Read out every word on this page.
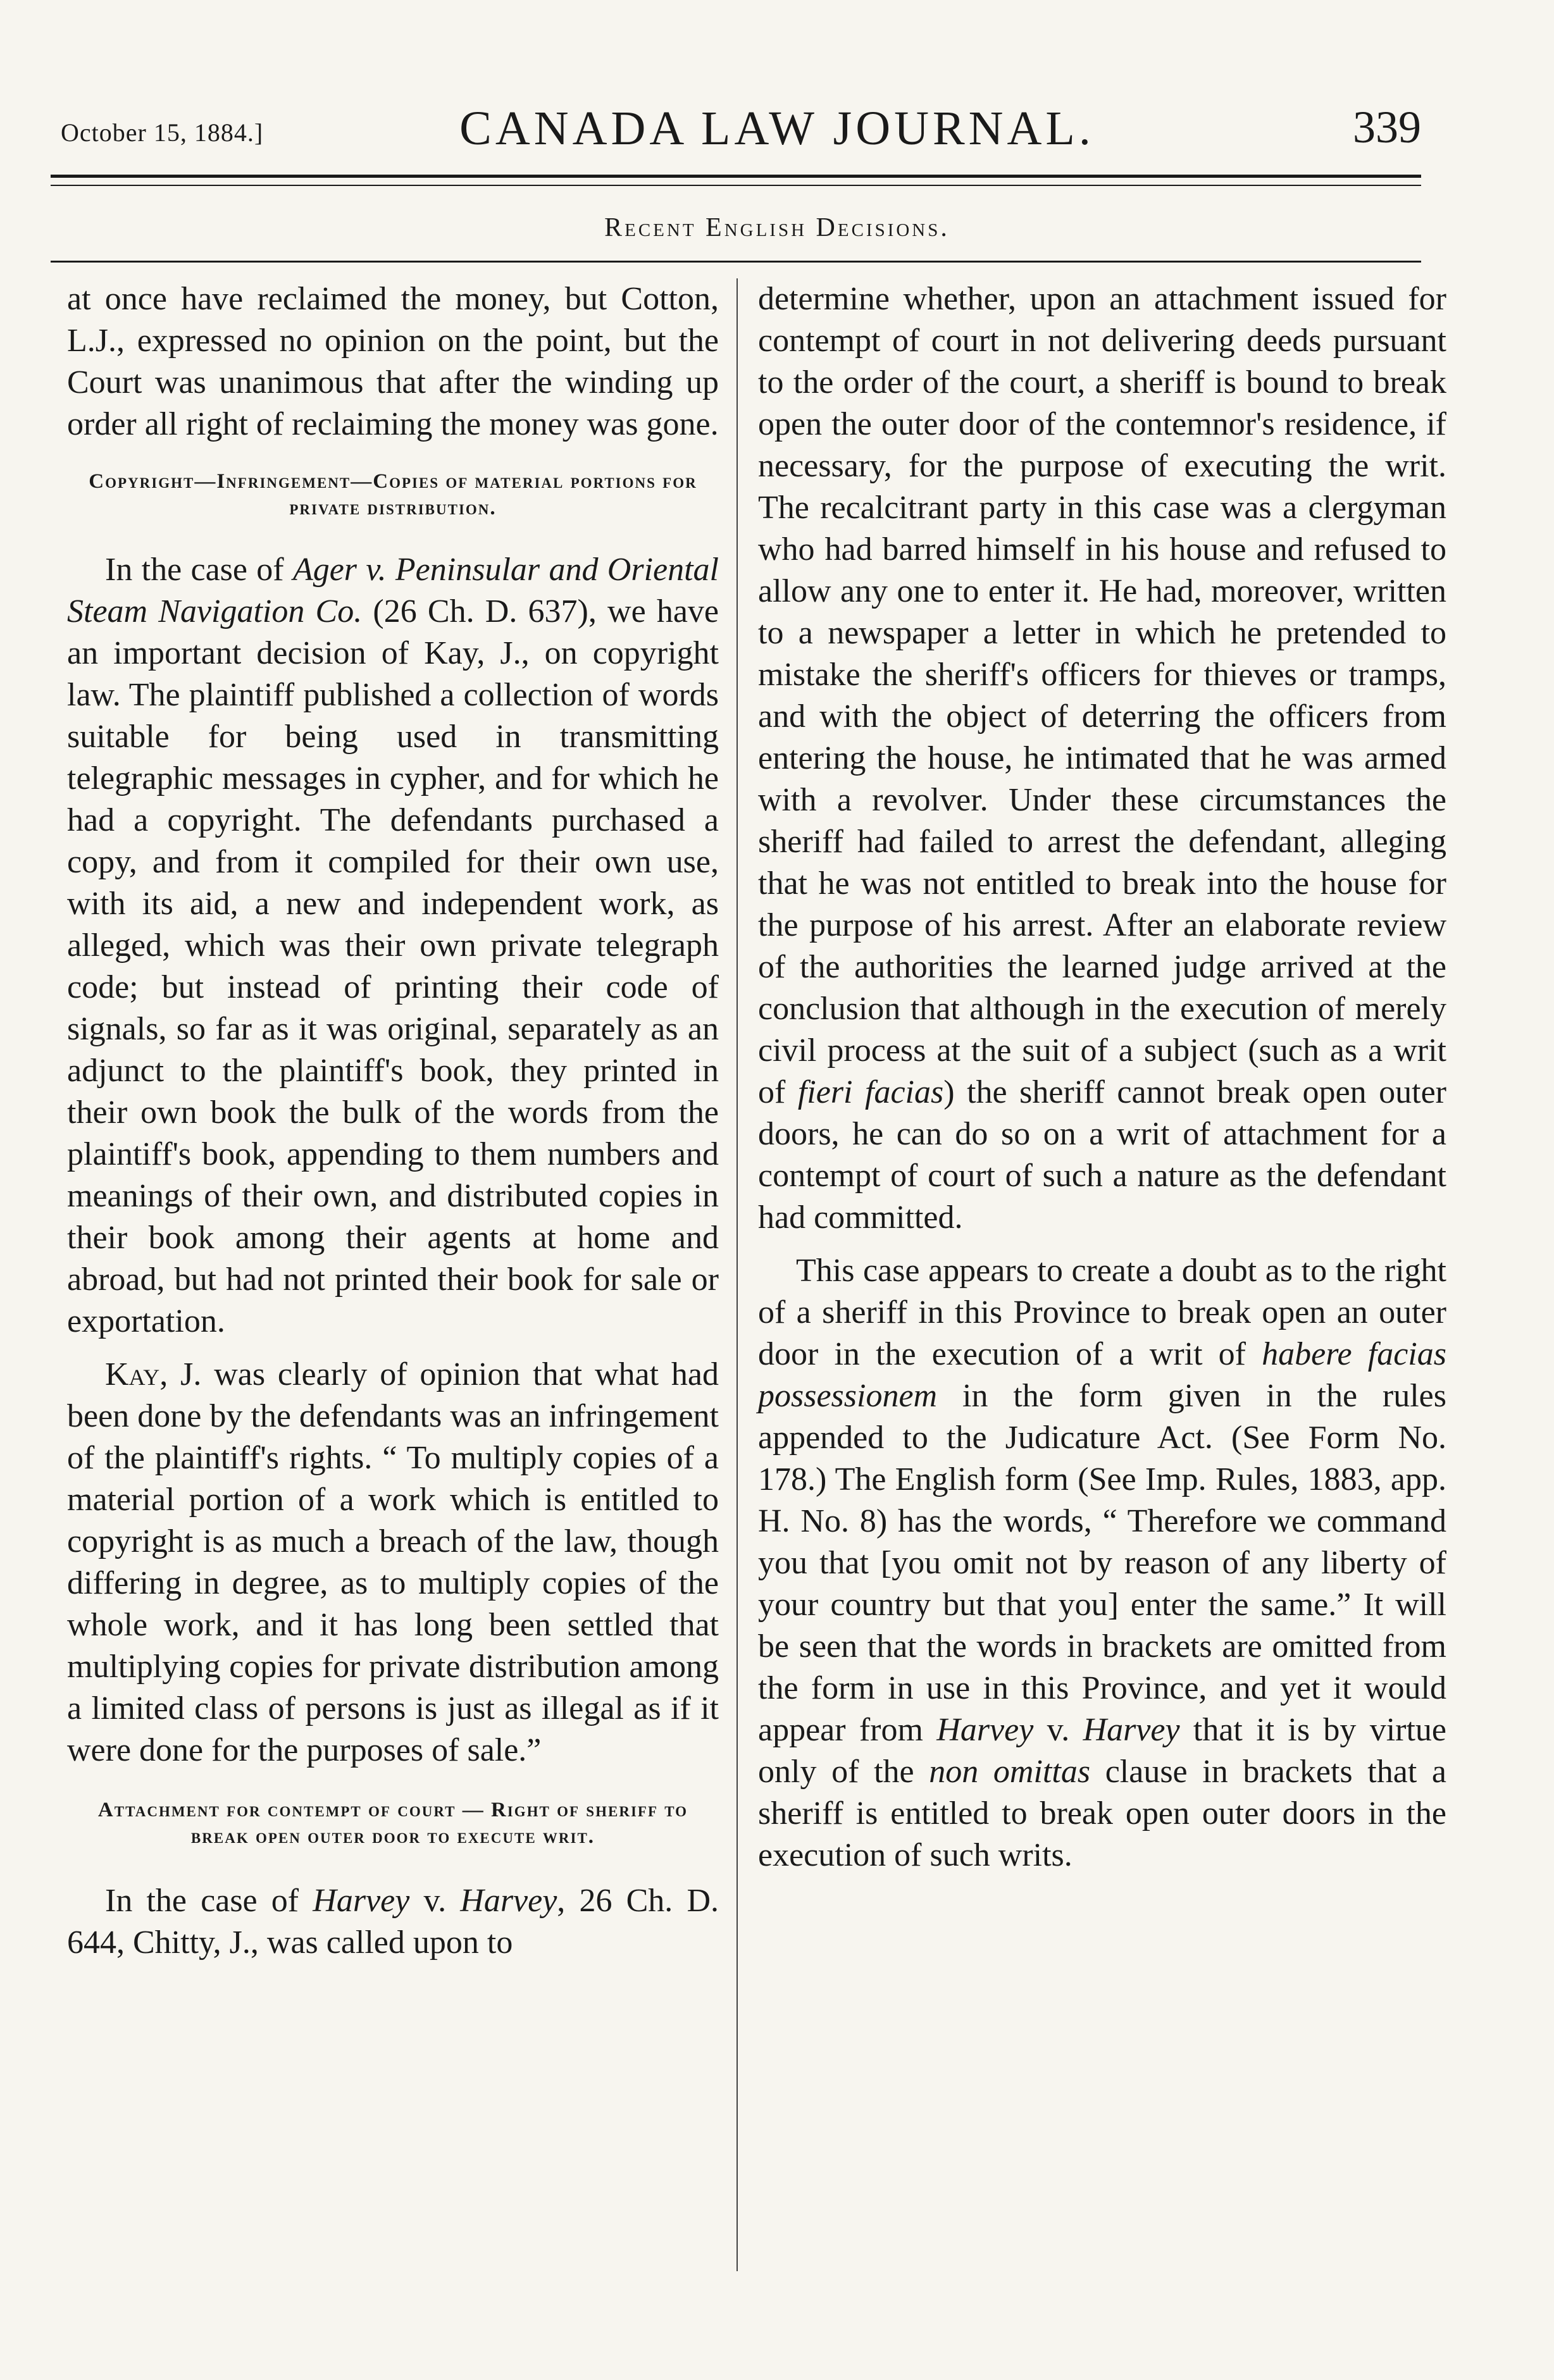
October 15, 1884.]	CANADA LAW JOURNAL.	339
Recent English Decisions.

at once have reclaimed the money, but Cotton, L.J., expressed no opinion on the point, but the Court was unanimous that after the winding up order all right of reclaiming the money was gone.

Copyright—Infringement—Copies of material portions for private distribution.

In the case of Ager v. Peninsular and Oriental Steam Navigation Co. (26 Ch. D. 637), we have an important decision of Kay, J., on copyright law. The plaintiff published a collection of words suitable for being used in transmitting telegraphic messages in cypher, and for which he had a copyright. The defendants purchased a copy, and from it compiled for their own use, with its aid, a new and independent work, as alleged, which was their own private telegraph code; but instead of printing their code of signals, so far as it was original, separately as an adjunct to the plaintiff's book, they printed in their own book the bulk of the words from the plaintiff's book, appending to them numbers and meanings of their own, and distributed copies in their book among their agents at home and abroad, but had not printed their book for sale or exportation.

Kay, J. was clearly of opinion that what had been done by the defendants was an infringement of the plaintiff's rights. “ To multiply copies of a material portion of a work which is entitled to copyright is as much a breach of the law, though differing in degree, as to multiply copies of the whole work, and it has long been settled that multiplying copies for private distribution among a limited class of persons is just as illegal as if it were done for the purposes of sale.”

Attachment for contempt of court — Right of sheriff to break open outer door to execute writ.

In the case of Harvey v. Harvey, 26 Ch. D. 644, Chitty, J., was called upon to

determine whether, upon an attachment issued for contempt of court in not delivering deeds pursuant to the order of the court, a sheriff is bound to break open the outer door of the contemnor's residence, if necessary, for the purpose of executing the writ. The recalcitrant party in this case was a clergyman who had barred himself in his house and refused to allow any one to enter it. He had, moreover, written to a newspaper a letter in which he pretended to mistake the sheriff's officers for thieves or tramps, and with the object of deterring the officers from entering the house, he intimated that he was armed with a revolver. Under these circumstances the sheriff had failed to arrest the defendant, alleging that he was not entitled to break into the house for the purpose of his arrest. After an elaborate review of the authorities the learned judge arrived at the conclusion that although in the execution of merely civil process at the suit of a subject (such as a writ of fieri facias) the sheriff cannot break open outer doors, he can do so on a writ of attachment for a contempt of court of such a nature as the defendant had committed.

This case appears to create a doubt as to the right of a sheriff in this Province to break open an outer door in the execution of a writ of habere facias possessionem in the form given in the rules appended to the Judicature Act. (See Form No. 178.) The English form (See Imp. Rules, 1883, app. H. No. 8) has the words, “ Therefore we command you that [you omit not by reason of any liberty of your country but that you] enter the same.” It will be seen that the words in brackets are omitted from the form in use in this Province, and yet it would appear from Harvey v. Harvey that it is by virtue only of the non omittas clause in brackets that a sheriff is entitled to break open outer doors in the execution of such writs.
